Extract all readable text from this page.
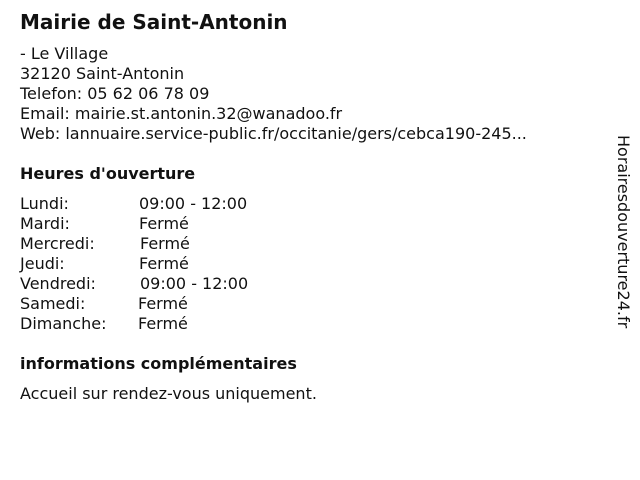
Mairie de Saint-Antonin
- Le Village
32120 Saint-Antonin
Telefon: 05 62 06 78 09
Email: mairie.st.antonin.32@wanadoo.fr
Web: lannuaire.service-public.fr/occitanie/gers/cebca190-245...
Heures d'ouverture
Lundi:	09:00 - 12:00
Mardi:	Fermé
Mercredi:	Fermé
Jeudi:	Fermé
Vendredi:	09:00 - 12:00
Samedi:	Fermé
Dimanche: Fermé
informations complémentaires
Accueil sur rendez-vous uniquement.
Horairesdouverture24.fr
